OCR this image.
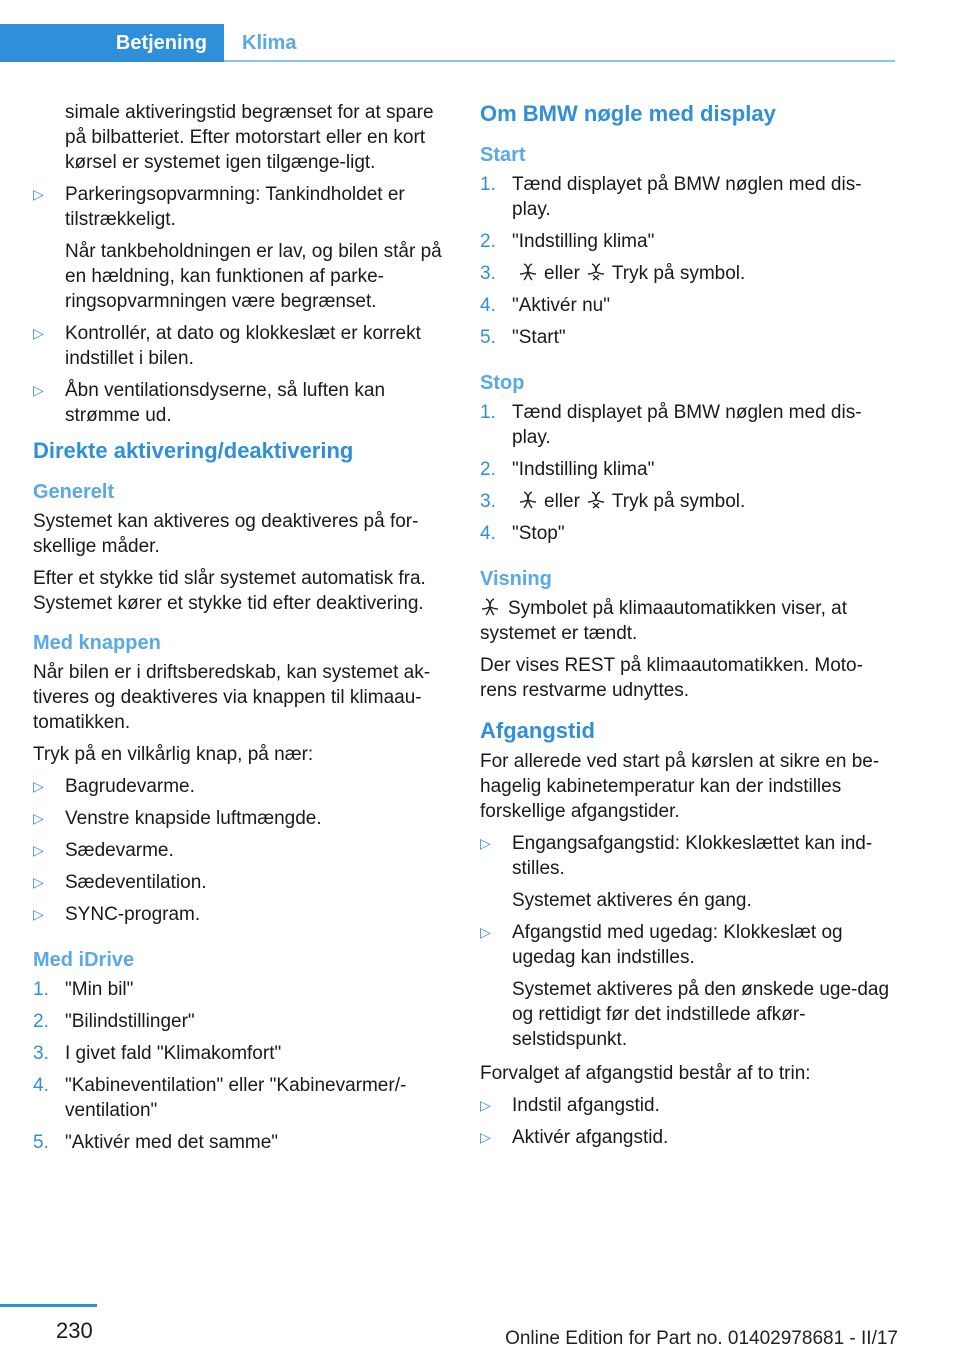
Betjening	Klima

simale aktiveringstid begrænset for at spare på bilbatteriet. Efter motorstart eller en kort kørsel er systemet igen tilgænge‐ligt.

▷	Parkeringsopvarmning: Tankindholdet er tilstrækkeligt.
Når tankbeholdningen er lav, og bilen står på en hældning, kan funktionen af parke‐ringsopvarmningen være begrænset.
▷	Kontrollér, at dato og klokkeslæt er korrekt indstillet i bilen.
▷	Åbn ventilationsdyserne, så luften kan strømme ud.
Direkte aktivering/deaktivering
Generelt

Systemet kan aktiveres og deaktiveres på for‐skellige måder.

Efter et stykke tid slår systemet automatisk fra. Systemet kører et stykke tid efter deaktivering.

Med knappen

Når bilen er i driftsberedskab, kan systemet ak‐tiveres og deaktiveres via knappen til klimaau‐tomatikken.

Tryk på en vilkårlig knap, på nær:

▷	Bagrudevarme.
▷	Venstre knapside luftmængde.
▷	Sædevarme.
▷	Sædeventilation.
▷	SYNC-program.
Med iDrive
1. "Min bil"
2. "Bilindstillinger"
3. I givet fald "Klimakomfort"
4. "Kabineventilation" eller "Kabinevarmer/‐ventilation"
5. "Aktivér med det samme"
Om BMW nøgle med display
Start
1. Tænd displayet på BMW nøglen med dis‐play.
2. "Indstilling klima"
3.	eller Tryk på symbol.
4. "Aktivér nu"
5. "Start"
Stop
1. Tænd displayet på BMW nøglen med dis‐play.
2. "Indstilling klima"
3.	eller Tryk på symbol.
4. "Stop"
Visning

Symbolet på klimaautomatikken viser, at systemet er tændt.

Der vises REST på klimaautomatikken. Moto‐rens restvarme udnyttes.

Afgangstid

For allerede ved start på kørslen at sikre en be‐hagelig kabinetemperatur kan der indstilles forskellige afgangstider.

▷	Engangsafgangstid: Klokkeslættet kan ind‐stilles.
Systemet aktiveres én gang.
▷	Afgangstid med ugedag: Klokkeslæt og ugedag kan indstilles.
Systemet aktiveres på den ønskede uge‐dag og rettidigt før det indstillede afkør‐selstidspunkt.

Forvalget af afgangstid består af to trin:

▷	Indstil afgangstid.
▷	Aktivér afgangstid.
230	Online Edition for Part no. 01402978681 - II/17
